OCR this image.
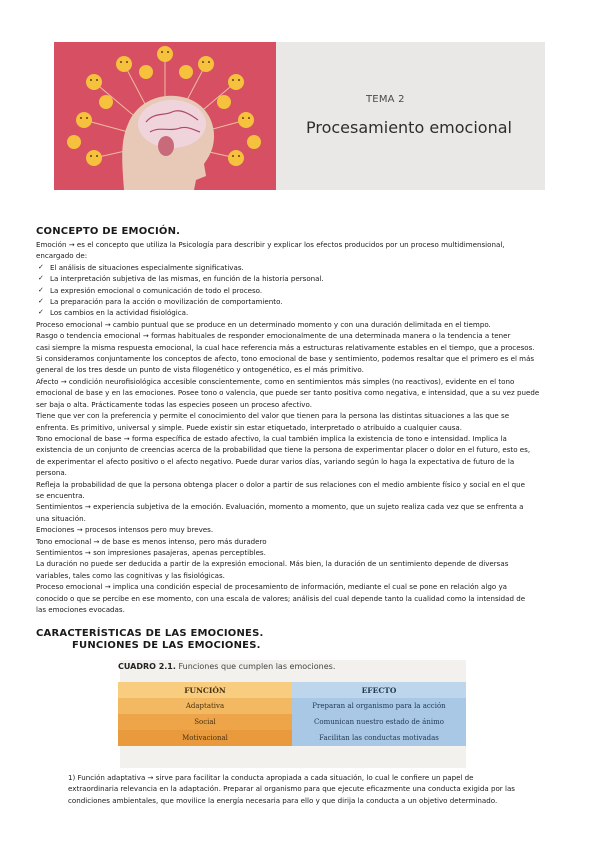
TEMA 2
Procesamiento emocional
CONCEPTO DE EMOCIÓN.
Emoción → es el concepto que utiliza la Psicología para describir y explicar los efectos producidos por un proceso multidimensional,
encargado de:
✓ El análisis de situaciones especialmente significativas.
✓ La interpretación subjetiva de las mismas, en función de la historia personal.
✓ La expresión emocional o comunicación de todo el proceso.
✓ La preparación para la acción o movilización de comportamiento.
✓ Los cambios en la actividad fisiológica.
Proceso emocional → cambio puntual que se produce en un determinado momento y con una duración delimitada en el tiempo.
Rasgo o tendencia emocional → formas habituales de responder emocionalmente de una determinada manera o la tendencia a tener
casi siempre la misma respuesta emocional, la cual hace referencia más a estructuras relativamente estables en el tiempo, que a procesos.
Si consideramos conjuntamente los conceptos de afecto, tono emocional de base y sentimiento, podemos resaltar que el primero es el más
general de los tres desde un punto de vista filogenético y ontogenético, es el más primitivo.
Afecto → condición neurofisiológica accesible conscientemente, como en sentimientos más simples (no reactivos), evidente en el tono
emocional de base y en las emociones. Posee tono o valencia, que puede ser tanto positiva como negativa, e intensidad, que a su vez puede
ser baja o alta. Prácticamente todas las especies poseen un proceso afectivo.
Tiene que ver con la preferencia y permite el conocimiento del valor que tienen para la persona las distintas situaciones a las que se
enfrenta. Es primitivo, universal y simple. Puede existir sin estar etiquetado, interpretado o atribuido a cualquier causa.
Tono emocional de base → forma específica de estado afectivo, la cual también implica la existencia de tono e intensidad. Implica la
existencia de un conjunto de creencias acerca de la probabilidad que tiene la persona de experimentar placer o dolor en el futuro, esto es,
de experimentar el afecto positivo o el afecto negativo. Puede durar varios días, variando según lo haga la expectativa de futuro de la
persona.
Refleja la probabilidad de que la persona obtenga placer o dolor a partir de sus relaciones con el medio ambiente físico y social en el que
se encuentra.
Sentimientos → experiencia subjetiva de la emoción. Evaluación, momento a momento, que un sujeto realiza cada vez que se enfrenta a
una situación.
Emociones → procesos intensos pero muy breves.
Tono emocional → de base es menos intenso, pero más duradero
Sentimientos → son impresiones pasajeras, apenas perceptibles.
La duración no puede ser deducida a partir de la expresión emocional. Más bien, la duración de un sentimiento depende de diversas
variables, tales como las cognitivas y las fisiológicas.
Proceso emocional → implica una condición especial de procesamiento de información, mediante el cual se pone en relación algo ya
conocido o que se percibe en ese momento, con una escala de valores; análisis del cual depende tanto la cualidad como la intensidad de
las emociones evocadas.
CARACTERÍSTICAS DE LAS EMOCIONES.
FUNCIONES DE LAS EMOCIONES.
CUADRO 2.1. Funciones que cumplen las emociones.
FUNCIÓN	EFECTO
Adaptativa	Preparan al organismo para la acción
Social	Comunican nuestro estado de ánimo
Motivacional	Facilitan las conductas motivadas
1) Función adaptativa → sirve para facilitar la conducta apropiada a cada situación, lo cual le confiere un papel de
extraordinaria relevancia en la adaptación. Preparar al organismo para que ejecute eficazmente una conducta exigida por las
condiciones ambientales, que movilice la energía necesaria para ello y que dirija la conducta a un objetivo determinado.
